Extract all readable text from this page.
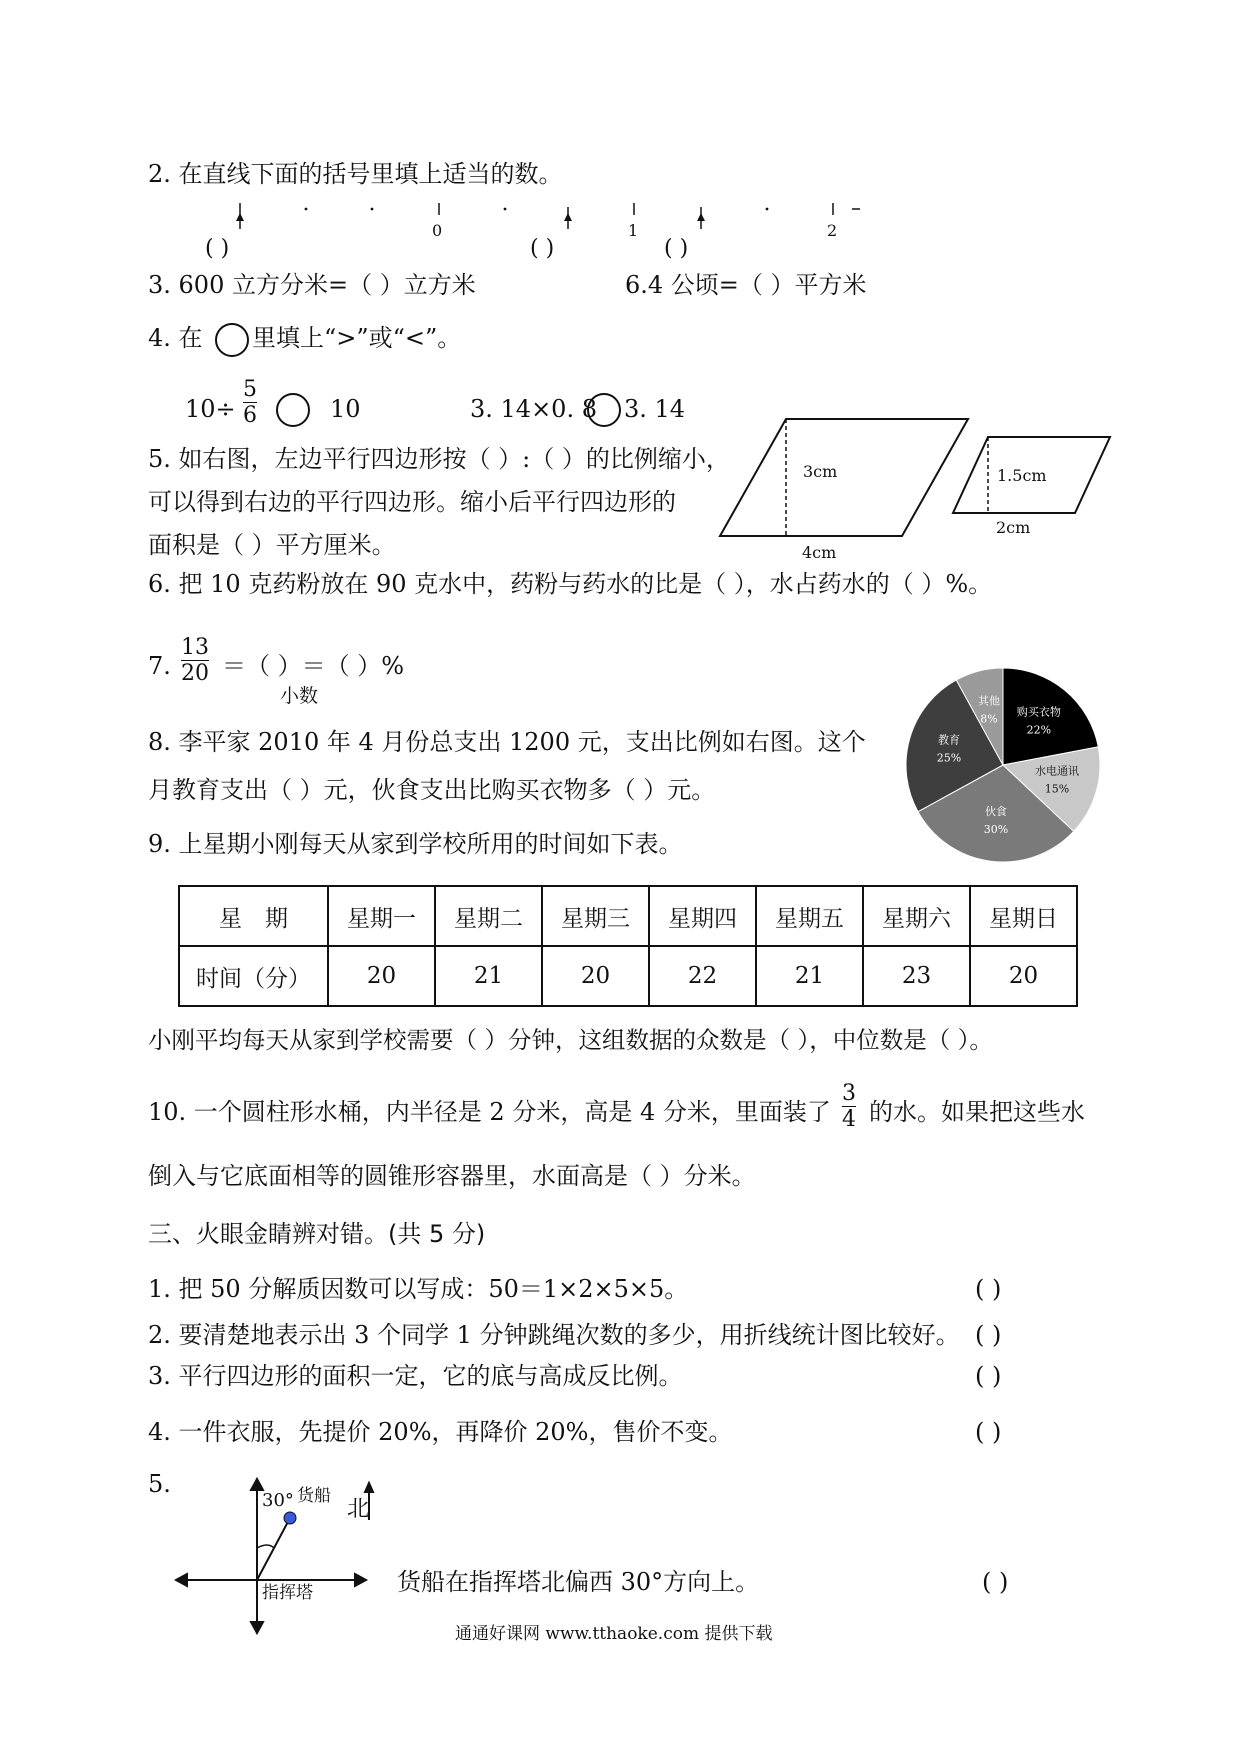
2. 在直线下面的括号里填上适当的数。
0	1	2
( )	( )	( )
3. 600 立方分米=（ ）立方米	6.4 公顷=（ ）平方米
4. 在 里填上“>”或“<”。
10÷
5
6	10	3. 14×0. 8 3. 14
5. 如右图，左边平行四边形按（ ）:（ ）的比例缩小，
可以得到右边的平行四边形。缩小后平行四边形的
面积是（ ）平方厘米。
3cm
4cm
1.5cm
2cm
6. 把 10 克药粉放在 90 克水中，药粉与药水的比是（ ），水占药水的（ ）%。
7.
13
20 ＝（ ）＝（ ）%
小数
8. 李平家 2010 年 4 月份总支出 1200 元，支出比例如右图。这个
月教育支出（ ）元，伙食支出比购买衣物多（ ）元。
购买衣物
22%
水电通讯
15%
伙食
30%
教育
25%
其他
8%
9. 上星期小刚每天从家到学校所用的时间如下表。
星　期	星期一	星期二	星期三	星期四	星期五	星期六	星期日
时间（分）	20	21	20	22	21	23	20
小刚平均每天从家到学校需要（ ）分钟，这组数据的众数是（ ），中位数是（ ）。
10. 一个圆柱形水桶，内半径是 2 分米，高是 4 分米，里面装了
3
4 的水。如果把这些水
倒入与它底面相等的圆锥形容器里，水面高是（ ）分米。
三、火眼金睛辨对错。(共 5 分)
1. 把 50 分解质因数可以写成：50＝1×2×5×5。
2. 要清楚地表示出 3 个同学 1 分钟跳绳次数的多少，用折线统计图比较好。
3. 平行四边形的面积一定，它的底与高成反比例。
4. 一件衣服，先提价 20%，再降价 20%，售价不变。
( )
( )
( )
( )
5.
30° 货船
北
指挥塔	货船在指挥塔北偏西 30°方向上。	( )
通通好课网 www.tthaoke.com 提供下载
